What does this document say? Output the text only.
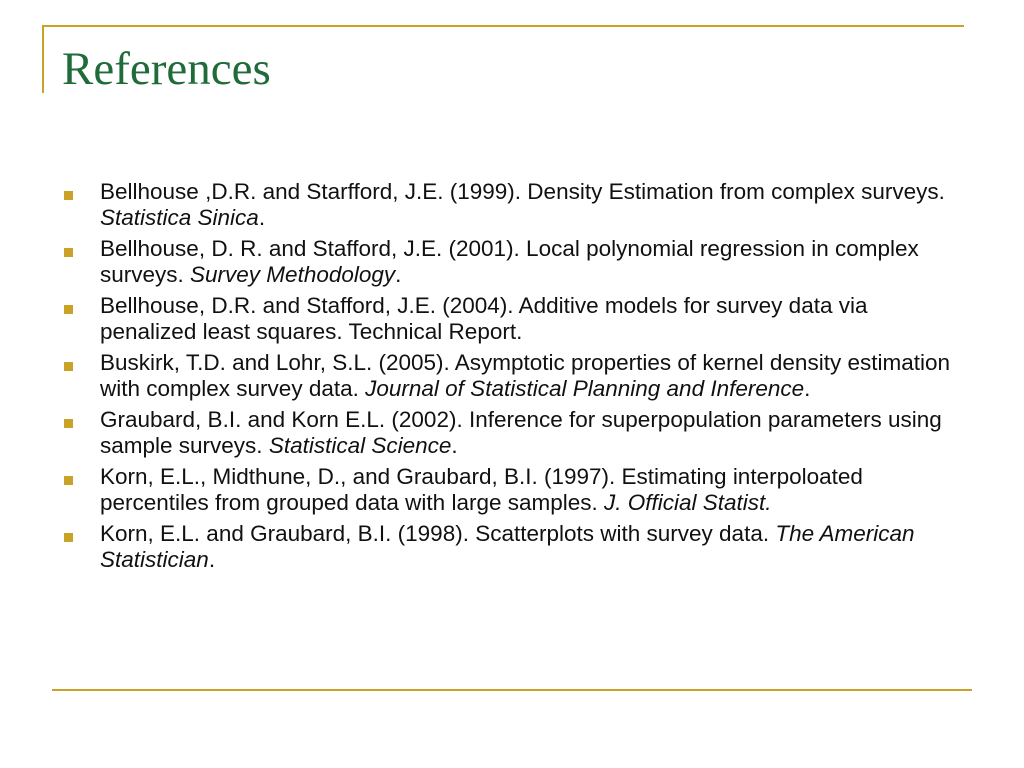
References
Bellhouse ,D.R. and Starfford, J.E. (1999). Density Estimation from complex surveys. Statistica Sinica.
Bellhouse, D. R. and Stafford, J.E. (2001). Local polynomial regression in complex surveys. Survey Methodology.
Bellhouse, D.R. and Stafford, J.E. (2004). Additive models for survey data via penalized least squares. Technical Report.
Buskirk, T.D. and Lohr, S.L. (2005). Asymptotic properties of kernel density estimation with complex survey data. Journal of Statistical Planning and Inference.
Graubard, B.I. and Korn E.L. (2002). Inference for superpopulation parameters using sample surveys. Statistical Science.
Korn, E.L., Midthune, D., and Graubard, B.I. (1997). Estimating interpoloated percentiles from grouped data with large samples. J. Official Statist.
Korn, E.L. and Graubard, B.I. (1998). Scatterplots with survey data. The American Statistician.
